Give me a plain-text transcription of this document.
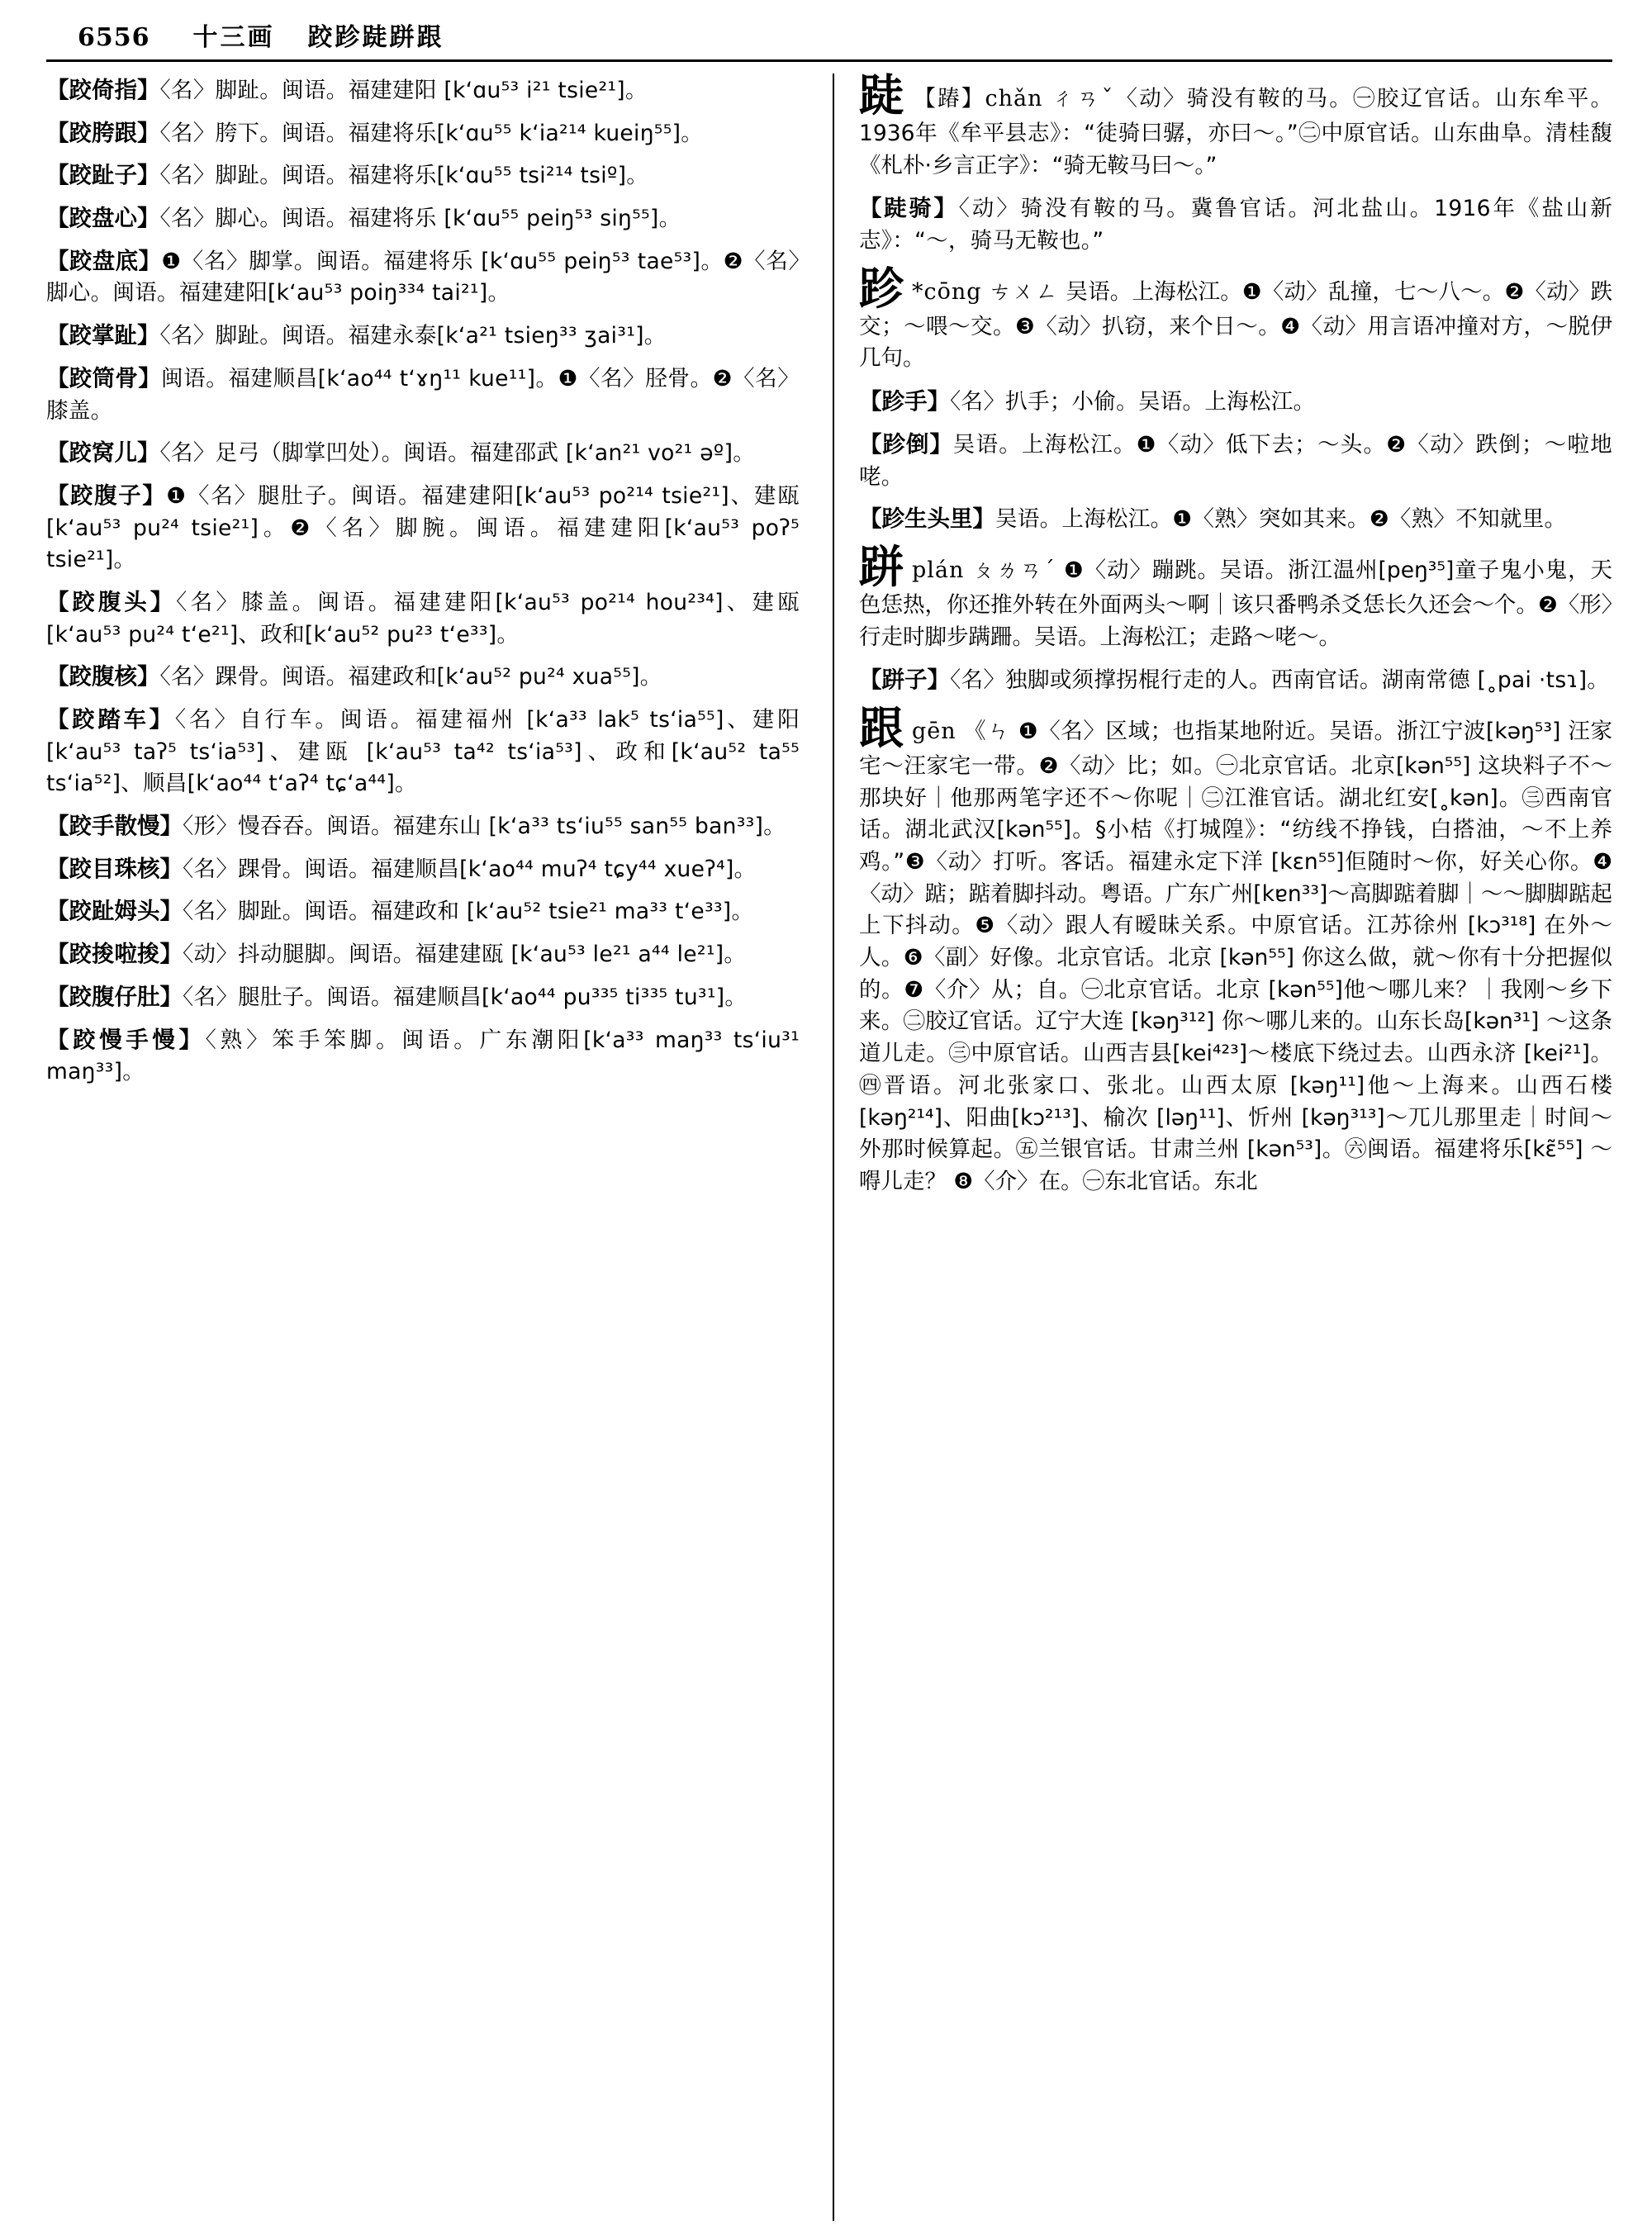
6556 十三画 跤跈跿跰跟
【跤倚指】〈名〉脚趾。闽语。福建建阳 [kʻɑu⁵³ i²¹ tsie²¹]。
【跤胯跟】〈名〉胯下。闽语。福建将乐[kʻɑu⁵⁵ kʻia²¹⁴ kueiŋ⁵⁵]。
【跤趾子】〈名〉脚趾。闽语。福建将乐[kʻɑu⁵⁵ tsi²¹⁴ tsiº]。
【跤盘心】〈名〉脚心。闽语。福建将乐 [kʻɑu⁵⁵ peiŋ⁵³ siŋ⁵⁵]。
【跤盘底】❶〈名〉脚掌。闽语。福建将乐 [kʻɑu⁵⁵ peiŋ⁵³ tae⁵³]。❷〈名〉脚心。闽语。福建建阳[kʻau⁵³ poiŋ³³⁴ tai²¹]。
【跤掌趾】〈名〉脚趾。闽语。福建永泰[kʻa²¹ tsieŋ³³ ʒai³¹]。
【跤筒骨】闽语。福建顺昌[kʻao⁴⁴ tʻɤŋ¹¹ kue¹¹]。❶〈名〉胫骨。❷〈名〉膝盖。
【跤窝儿】〈名〉足弓（脚掌凹处）。闽语。福建邵武 [kʻan²¹ vo²¹ əº]。
【跤腹子】❶〈名〉腿肚子。闽语。福建建阳[kʻau⁵³ po²¹⁴ tsie²¹]、建瓯[kʻau⁵³ pu²⁴ tsie²¹]。❷〈名〉脚腕。闽语。福建建阳[kʻau⁵³ poʔ⁵ tsie²¹]。
【跤腹头】〈名〉膝盖。闽语。福建建阳[kʻau⁵³ po²¹⁴ hou²³⁴]、建瓯 [kʻau⁵³ pu²⁴ tʻe²¹]、政和[kʻau⁵² pu²³ tʻe³³]。
【跤腹核】〈名〉踝骨。闽语。福建政和[kʻau⁵² pu²⁴ xua⁵⁵]。
【跤踏车】〈名〉自行车。闽语。福建福州 [kʻa³³ lak⁵ tsʻia⁵⁵]、建阳 [kʻau⁵³ taʔ⁵ tsʻia⁵³]、建瓯 [kʻau⁵³ ta⁴² tsʻia⁵³]、政和[kʻau⁵² ta⁵⁵ tsʻia⁵²]、顺昌[kʻao⁴⁴ tʻaʔ⁴ tɕʻa⁴⁴]。
【跤手散慢】〈形〉慢吞吞。闽语。福建东山 [kʻa³³ tsʻiu⁵⁵ san⁵⁵ ban³³]。
【跤目珠核】〈名〉踝骨。闽语。福建顺昌[kʻao⁴⁴ muʔ⁴ tɕy⁴⁴ xueʔ⁴]。
【跤趾姆头】〈名〉脚趾。闽语。福建政和 [kʻau⁵² tsie²¹ ma³³ tʻe³³]。
【跤捘啦捘】〈动〉抖动腿脚。闽语。福建建瓯 [kʻau⁵³ le²¹ a⁴⁴ le²¹]。
【跤腹仔肚】〈名〉腿肚子。闽语。福建顺昌[kʻao⁴⁴ pu³³⁵ ti³³⁵ tu³¹]。
【跤慢手慢】〈熟〉笨手笨脚。闽语。广东潮阳[kʻa³³ maŋ³³ tsʻiu³¹ maŋ³³]。
跿 【踳】chǎn ㄔㄢˇ〈动〉骑没有鞍的马。㊀胶辽官话。山东牟平。1936年《牟平县志》：“徒骑曰骣，亦曰～。”㊁中原官话。山东曲阜。清桂馥《札朴·乡言正字》：“骑无鞍马曰～。”
【跿骑】〈动〉骑没有鞍的马。冀鲁官话。河北盐山。1916年《盐山新志》：“～，骑马无鞍也。”
跈 *cōng ㄘㄨㄥ 吴语。上海松江。❶〈动〉乱撞，七～八～。❷〈动〉跌交；～喂～交。❸〈动〉扒窃，来个日～。❹〈动〉用言语冲撞对方，～脱伊几句。
【跈手】〈名〉扒手；小偷。吴语。上海松江。
【跈倒】吴语。上海松江。❶〈动〉低下去；～头。❷〈动〉跌倒；～啦地咾。
【跈生头里】吴语。上海松江。❶〈熟〉突如其来。❷〈熟〉不知就里。
跰plán ㄆㄌㄢˊ ❶〈动〉蹦跳。吴语。浙江温州[peŋ³⁵]童子鬼小鬼，天色恁热，你还推外转在外面两头～啊｜该只番鸭杀爻恁长久还会～个。❷〈形〉行走时脚步蹒跚。吴语。上海松江；走路～咾～。
【跰子】〈名〉独脚或须撑拐棍行走的人。西南官话。湖南常德 [˳pai ·tsɿ]。
跟gēn 《ㄣ ❶〈名〉区域；也指某地附近。吴语。浙江宁波[kəŋ⁵³] 汪家宅～汪家宅一带。❷〈动〉比；如。㊀北京官话。北京[kən⁵⁵] 这块料子不～那块好｜他那两笔字还不～你呢｜㊁江淮官话。湖北红安[˳kən]。㊂西南官话。湖北武汉[kən⁵⁵]。§小桔《打城隍》：“纺线不挣钱，白搭油，～不上养鸡。”❸〈动〉打听。客话。福建永定下洋 [kɛn⁵⁵]佢随时～你，好关心你。❹〈动〉踮；踮着脚抖动。粤语。广东广州[kɐn³³]～高脚踮着脚｜～～脚脚踮起上下抖动。❺〈动〉跟人有暧昧关系。中原官话。江苏徐州 [kɔ³¹⁸] 在外～人。❻〈副〉好像。北京官话。北京 [kən⁵⁵] 你这么做，就～你有十分把握似的。❼〈介〉从；自。㊀北京官话。北京 [kən⁵⁵]他～哪儿来？｜我刚～乡下来。㊁胶辽官话。辽宁大连 [kəŋ³¹²] 你～哪儿来的。山东长岛[kən³¹] ～这条道儿走。㊂中原官话。山西吉县[kei⁴²³]～楼底下绕过去。山西永济 [kei²¹]。㊃晋语。河北张家口、张北。山西太原 [kəŋ¹¹]他～上海来。山西石楼[kəŋ²¹⁴]、阳曲[kɔ²¹³]、榆次 [ləŋ¹¹]、忻州 [kəŋ³¹³]～兀儿那里走｜时间～外那时候算起。㊄兰银官话。甘肃兰州 [kən⁵³]。㊅闽语。福建将乐[kɛ̃⁵⁵] ～嘚儿走？ ❽〈介〉在。㊀东北官话。东北
